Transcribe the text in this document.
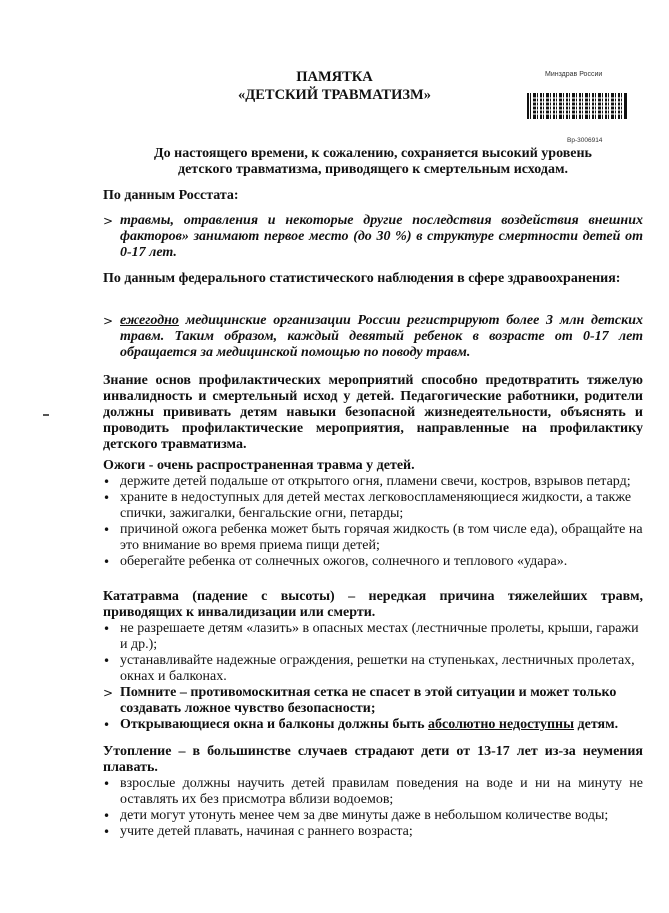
ПАМЯТКА
«ДЕТСКИЙ ТРАВМАТИЗМ»
Минздрав России
Вр-3006914
До настоящего времени, к сожалению, сохраняется высокий уровень
детского травматизма, приводящего к смертельным исходам.
По данным Росстата:
> травмы, отравления и некоторые другие последствия воздействия внешних факторов» занимают первое место (до 30 %) в структуре смертности детей от 0-17 лет.
По данным федерального статистического наблюдения в сфере здравоохранения:
> ежегодно медицинские организации России регистрируют более 3 млн детских травм. Таким образом, каждый девятый ребенок в возрасте от 0-17 лет обращается за медицинской помощью по поводу травм.
Знание основ профилактических мероприятий способно предотвратить тяжелую инвалидность и смертельный исход у детей. Педагогические работники, родители должны прививать детям навыки безопасной жизнедеятельности, объяснять и проводить профилактические мероприятия, направленные на профилактику детского травматизма.
Ожоги - очень распространенная травма у детей.
• держите детей подальше от открытого огня, пламени свечи, костров, взрывов петард;
• храните в недоступных для детей местах легковоспламеняющиеся жидкости, а также спички, зажигалки, бенгальские огни, петарды;
• причиной ожога ребенка может быть горячая жидкость (в том числе еда), обращайте на это внимание во время приема пищи детей;
• оберегайте ребенка от солнечных ожогов, солнечного и теплового «удара».
Кататравма (падение с высоты) – нередкая причина тяжелейших травм, приводящих к инвалидизации или смерти.
• не разрешаете детям «лазить» в опасных местах (лестничные пролеты, крыши, гаражи и др.);
• устанавливайте надежные ограждения, решетки на ступеньках, лестничных пролетах, окнах и балконах.
> Помните – противомоскитная сетка не спасет в этой ситуации и может только создавать ложное чувство безопасности;
• Открывающиеся окна и балконы должны быть абсолютно недоступны детям.
Утопление – в большинстве случаев страдают дети от 13-17 лет из-за неумения плавать.
• взрослые должны научить детей правилам поведения на воде и ни на минуту не оставлять их без присмотра вблизи водоемов;
• дети могут утонуть менее чем за две минуты даже в небольшом количестве воды;
• учите детей плавать, начиная с раннего возраста;
